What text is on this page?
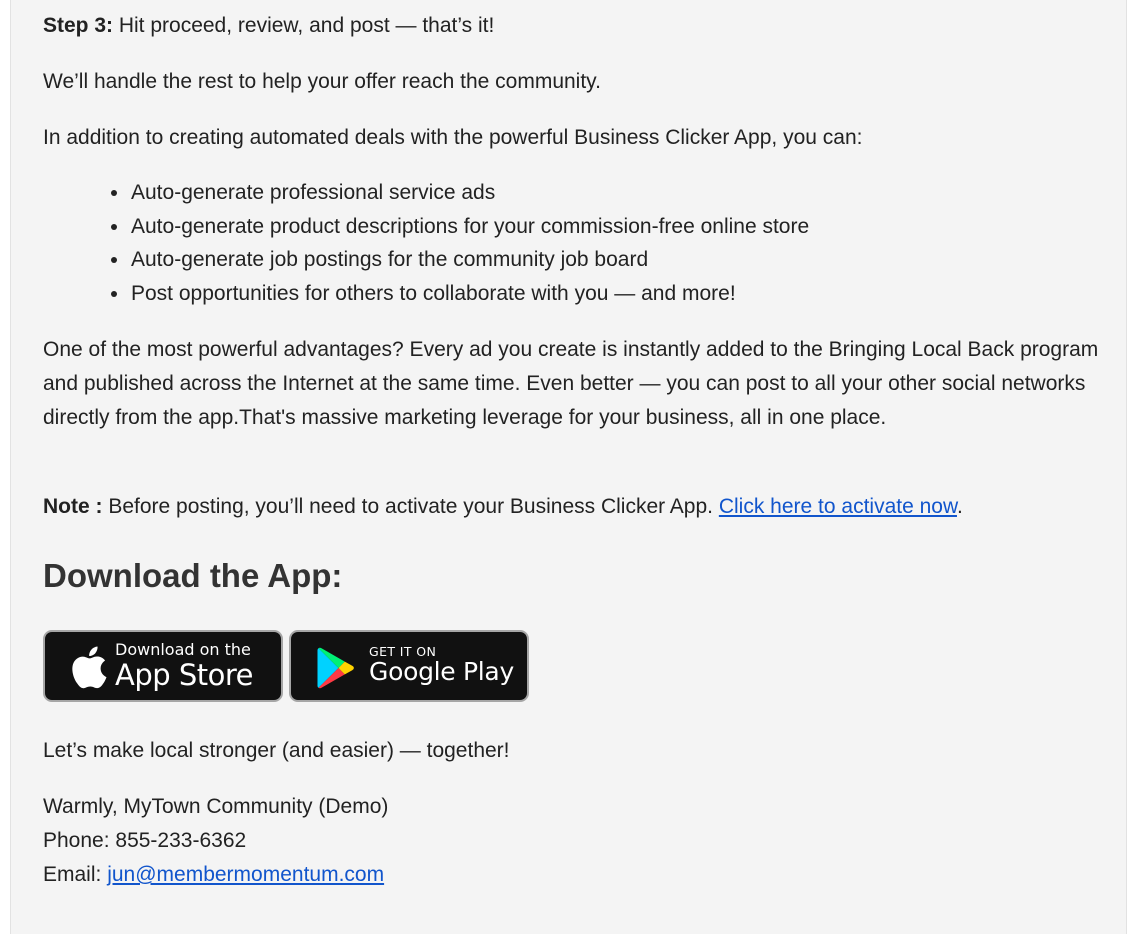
Step 3: Hit proceed, review, and post — that’s it!

We’ll handle the rest to help your offer reach the community.

In addition to creating automated deals with the powerful Business Clicker App, you can:

Auto-generate professional service ads
Auto-generate product descriptions for your commission-free online store
Auto-generate job postings for the community job board
Post opportunities for others to collaborate with you — and more!

One of the most powerful advantages? Every ad you create is instantly added to the Bringing Local Back program and published across the Internet at the same time. Even better — you can post to all your other social networks directly from the app.That's massive marketing leverage for your business, all in one place.

Note : Before posting, you’ll need to activate your Business Clicker App. Click here to activate now.

Download the App:
Download on the
App Store
GET IT ON
Google Play

Let’s make local stronger (and easier) — together!

Warmly, MyTown Community (Demo)
Phone: 855-233-6362
Email: jun@membermomentum.com
